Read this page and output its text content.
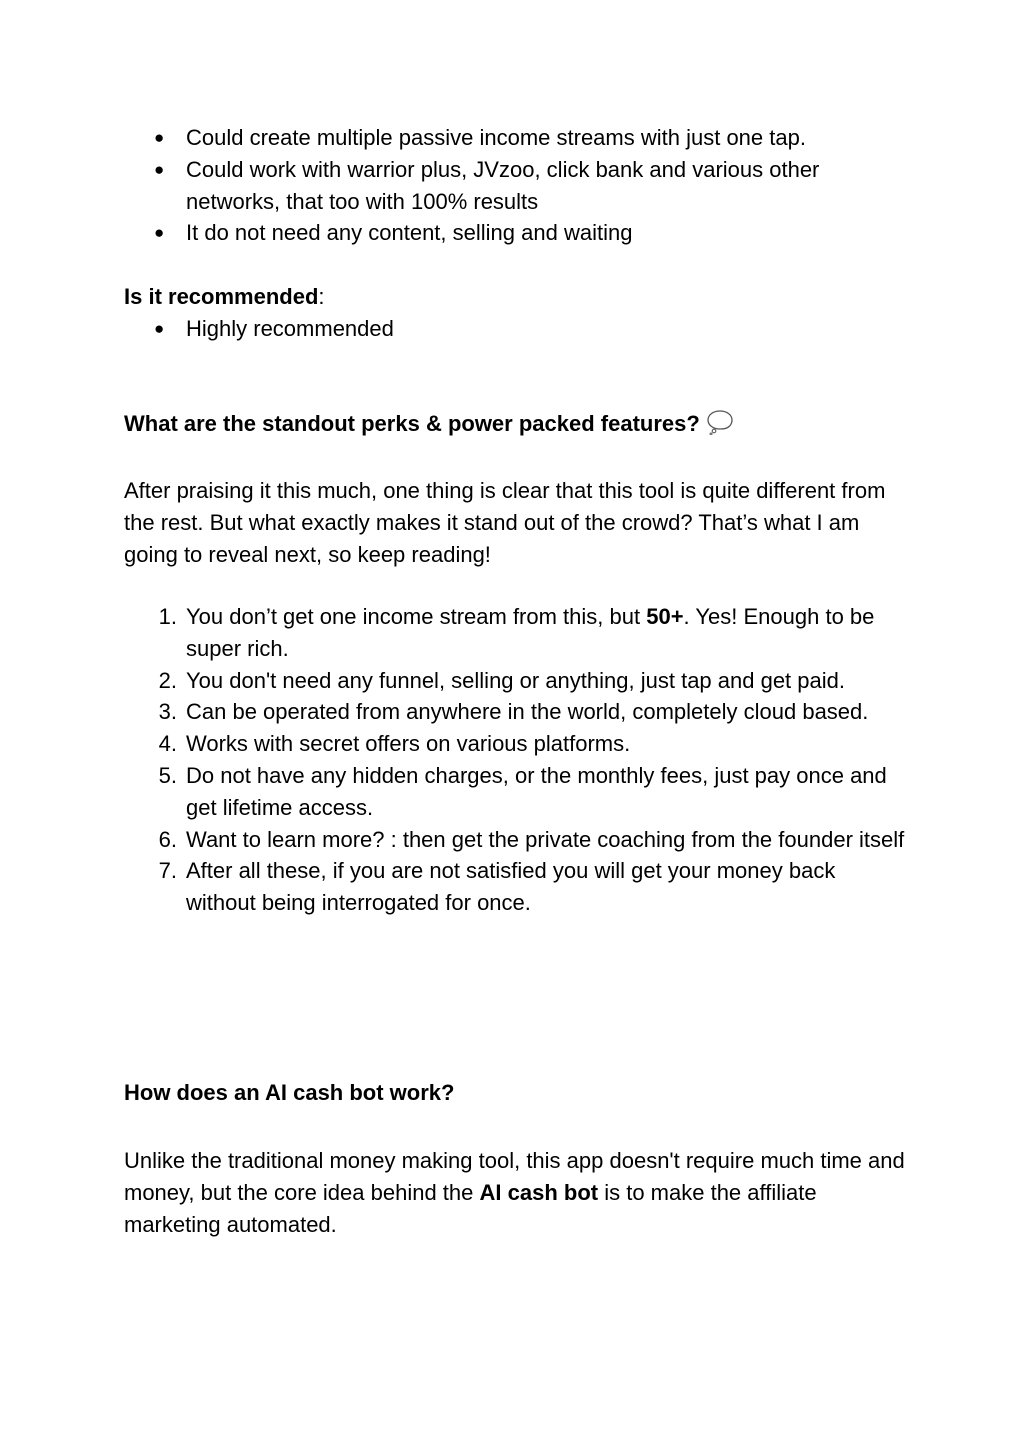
● Could create multiple passive income streams with just one tap.
● Could work with warrior plus, JVzoo, click bank and various other networks, that too with 100% results
● It do not need any content, selling and waiting

Is it recommended:

● Highly recommended
What are the standout perks & power packed features?

After praising it this much, one thing is clear that this tool is quite different from the rest. But what exactly makes it stand out of the crowd? That’s what I am going to reveal next, so keep reading!

1. You don’t get one income stream from this, but 50+. Yes! Enough to be super rich.
2. You don't need any funnel, selling or anything, just tap and get paid.
3. Can be operated from anywhere in the world, completely cloud based.
4. Works with secret offers on various platforms.
5. Do not have any hidden charges, or the monthly fees, just pay once and get lifetime access.
6. Want to learn more? : then get the private coaching from the founder itself
7. After all these, if you are not satisfied you will get your money back without being interrogated for once.
How does an AI cash bot work?

Unlike the traditional money making tool, this app doesn't require much time and money, but the core idea behind the AI cash bot is to make the affiliate marketing automated.
